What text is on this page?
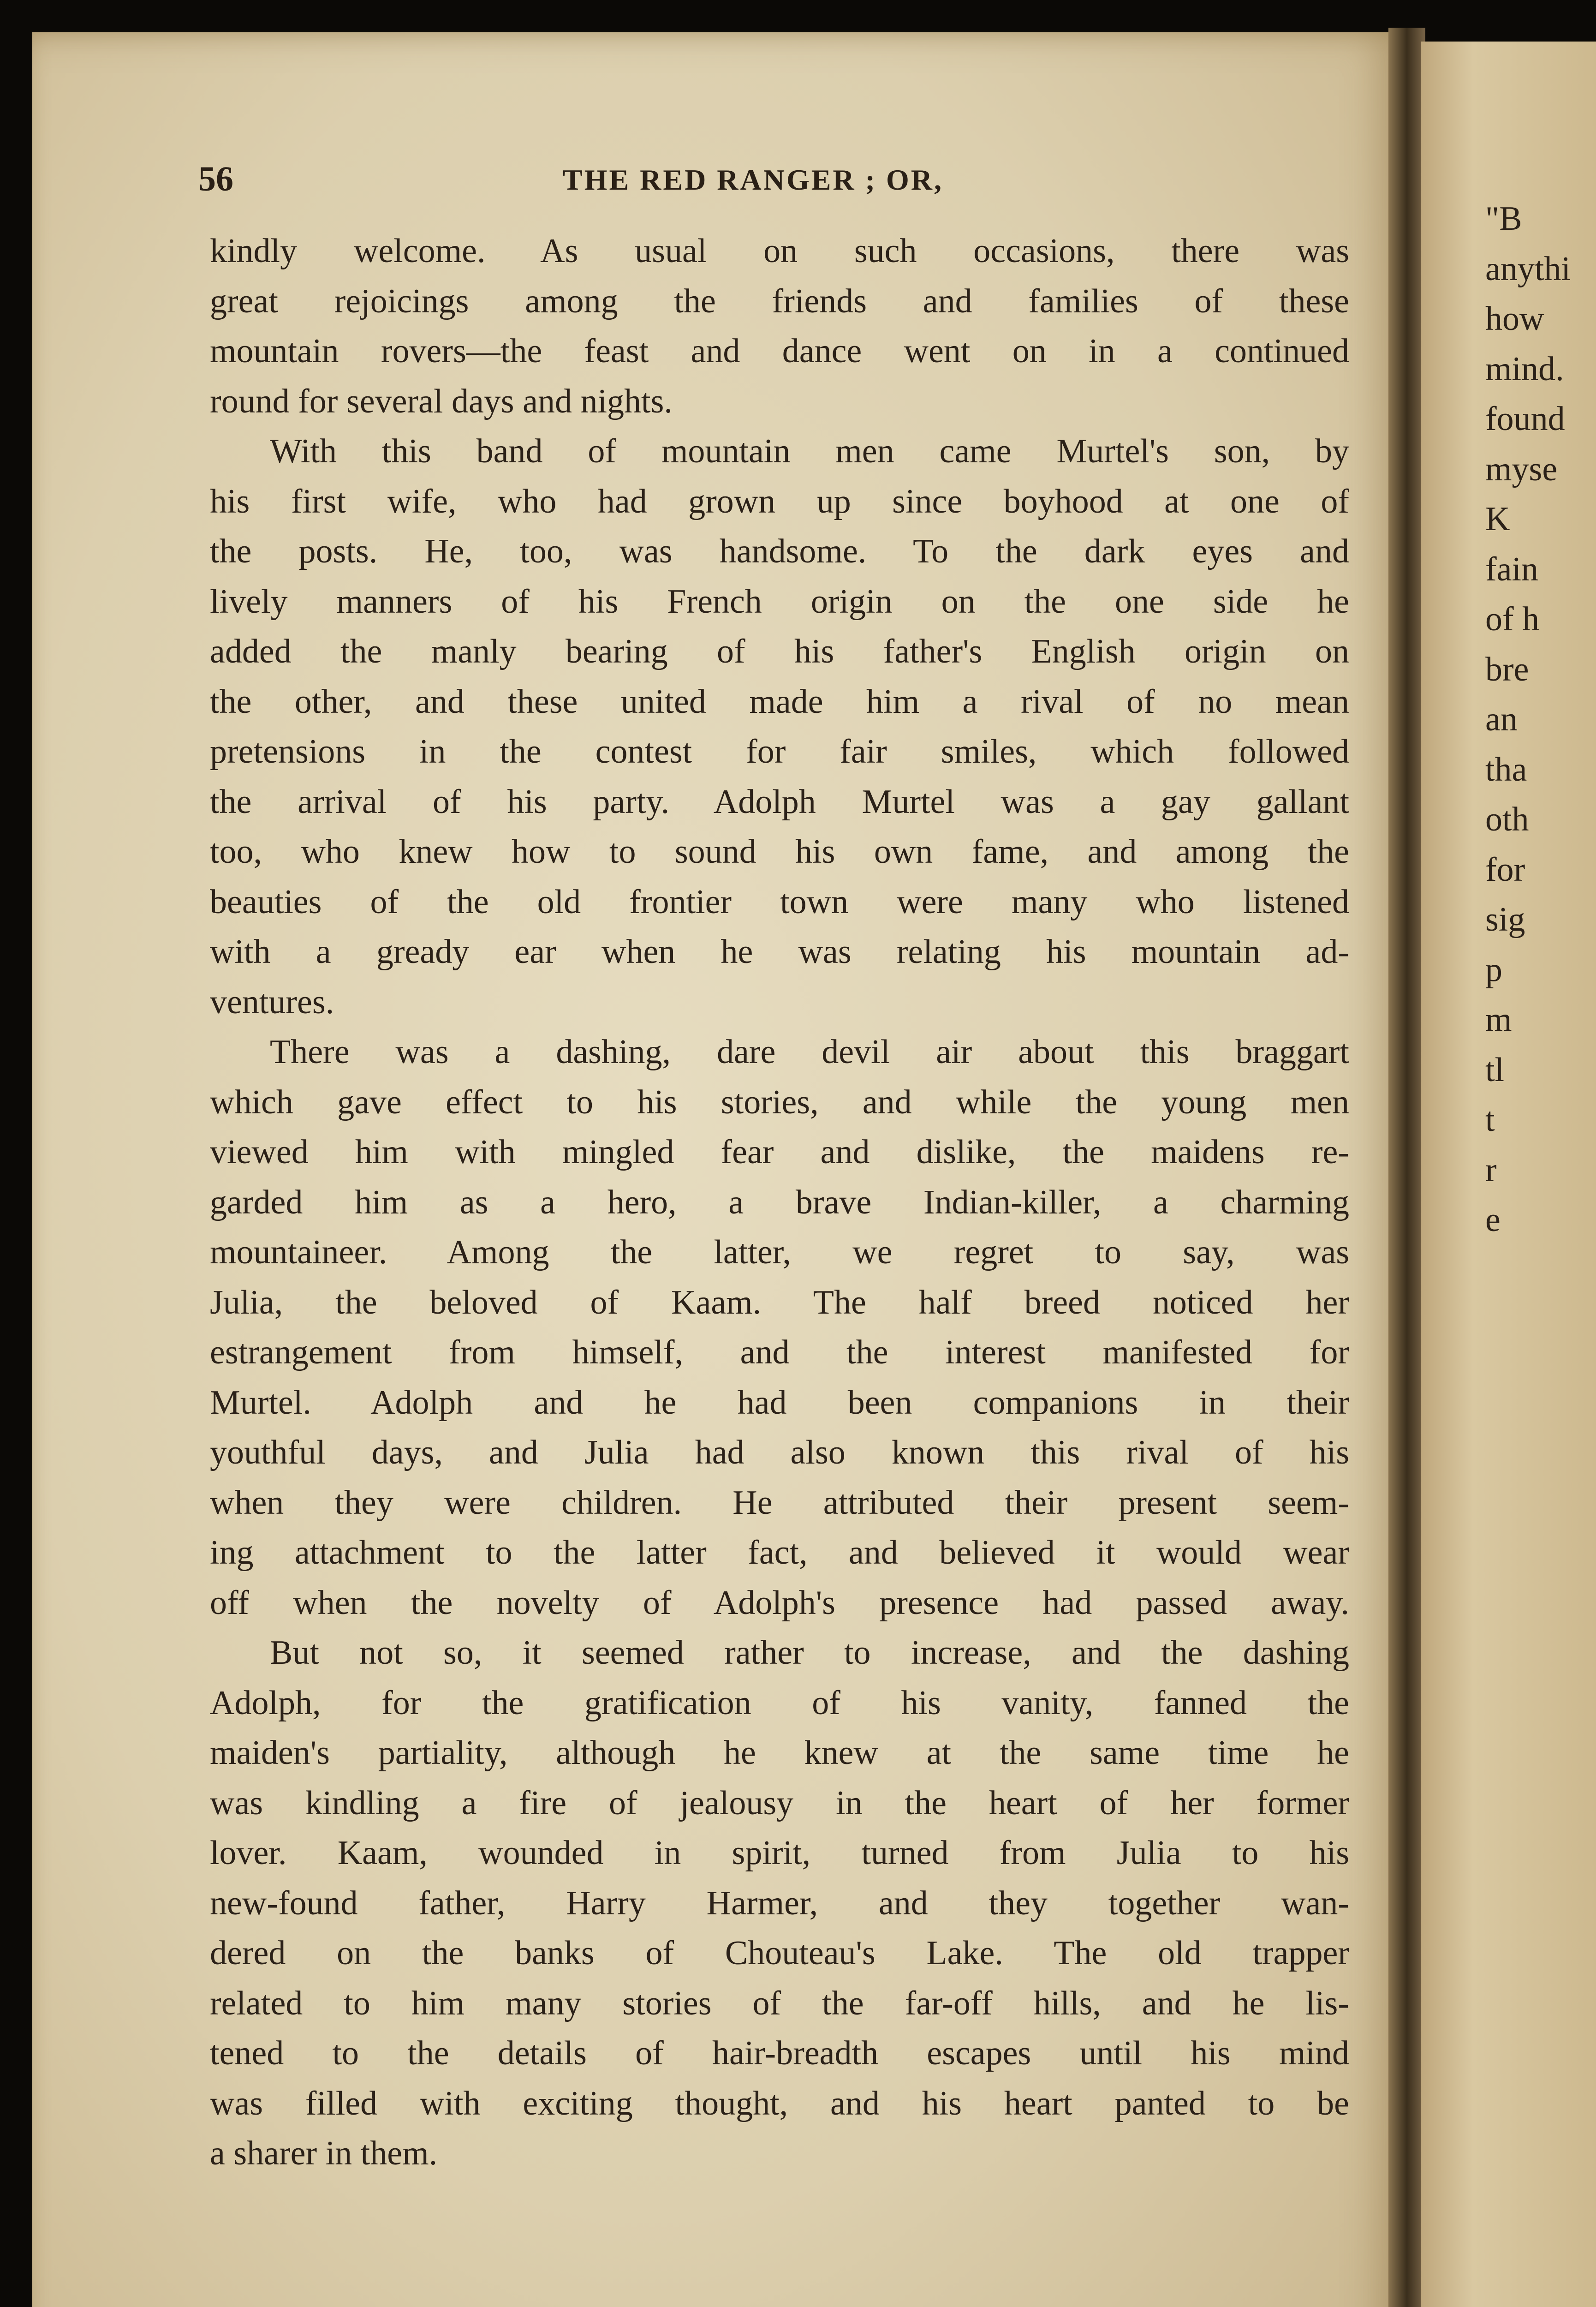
56	THE RED RANGER ; OR,
kindly welcome. As usual on such occasions, there was
great rejoicings among the friends and families of these
mountain rovers—the feast and dance went on in a continued
round for several days and nights.
With this band of mountain men came Murtel's son, by
his first wife, who had grown up since boyhood at one of
the posts. He, too, was handsome. To the dark eyes and
lively manners of his French origin on the one side he
added the manly bearing of his father's English origin on
the other, and these united made him a rival of no mean
pretensions in the contest for fair smiles, which followed
the arrival of his party. Adolph Murtel was a gay gallant
too, who knew how to sound his own fame, and among the
beauties of the old frontier town were many who listened
with a gready ear when he was relating his mountain ad-
ventures.
There was a dashing, dare devil air about this braggart
which gave effect to his stories, and while the young men
viewed him with mingled fear and dislike, the maidens re-
garded him as a hero, a brave Indian-killer, a charming
mountaineer. Among the latter, we regret to say, was
Julia, the beloved of Kaam. The half breed noticed her
estrangement from himself, and the interest manifested for
Murtel. Adolph and he had been companions in their
youthful days, and Julia had also known this rival of his
when they were children. He attributed their present seem-
ing attachment to the latter fact, and believed it would wear
off when the novelty of Adolph's presence had passed away.
But not so, it seemed rather to increase, and the dashing
Adolph, for the gratification of his vanity, fanned the
maiden's partiality, although he knew at the same time he
was kindling a fire of jealousy in the heart of her former
lover. Kaam, wounded in spirit, turned from Julia to his
new-found father, Harry Harmer, and they together wan-
dered on the banks of Chouteau's Lake. The old trapper
related to him many stories of the far-off hills, and he lis-
tened to the details of hair-breadth escapes until his mind
was filled with exciting thought, and his heart panted to be
a sharer in them.
"B
anythi
how
mind.
found
myse
K
fain
of h
bre
an
tha
oth
for
sig
p
m
tl
t
r
e
